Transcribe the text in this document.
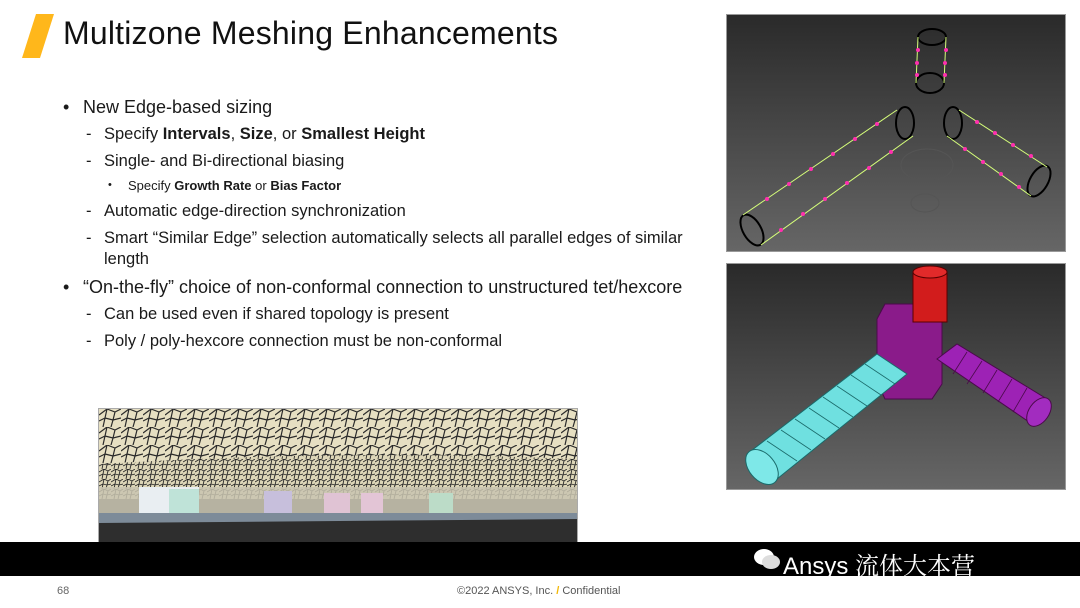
Multizone Meshing Enhancements
• New Edge-based sizing
- Specify Intervals, Size, or Smallest Height
- Single- and Bi-directional biasing
• Specify Growth Rate or Bias Factor
- Automatic edge-direction synchronization
- Smart “Similar Edge” selection automatically selects all parallel edges of similar length
• “On-the-fly” choice of non-conformal connection to unstructured tet/hexcore
- Can be used even if shared topology is present
- Poly / poly-hexcore connection must be non-conformal
Ansys 流体大本营
68	©2022 ANSYS, Inc. / Confidential
